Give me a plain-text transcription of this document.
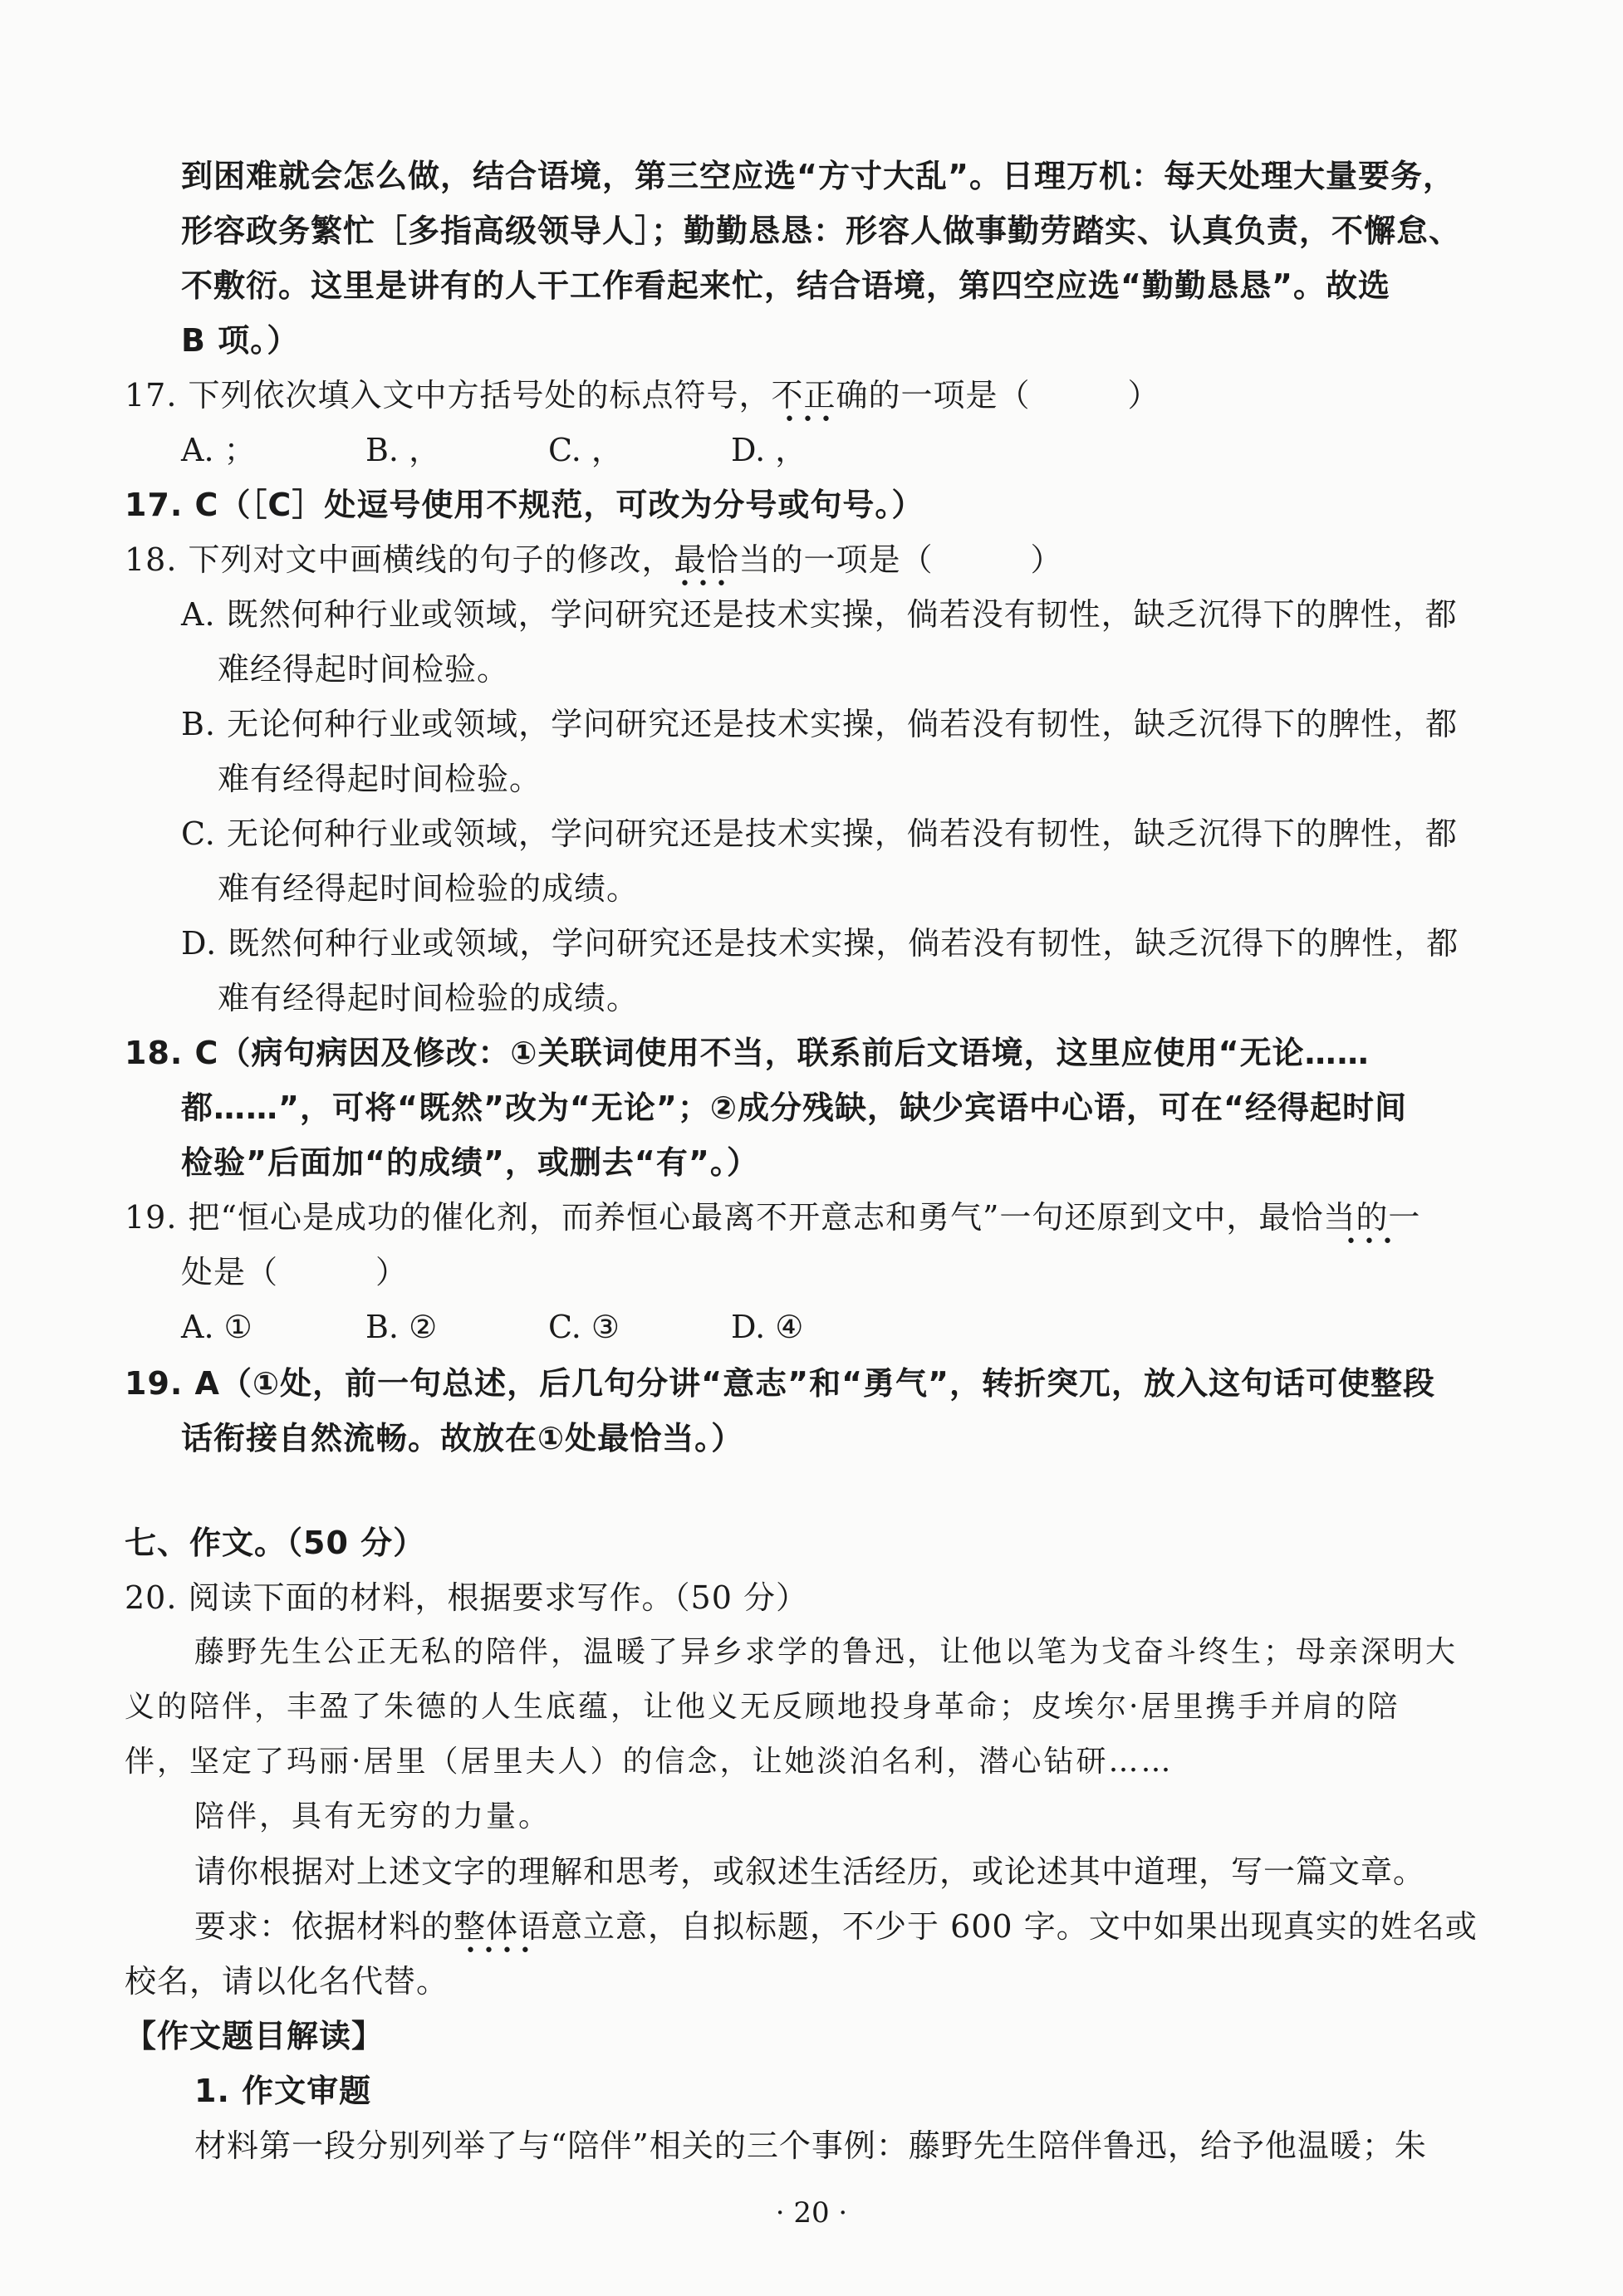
到困难就会怎么做，结合语境，第三空应选“方寸大乱”。日理万机：每天处理大量要务，
形容政务繁忙［多指高级领导人］；勤勤恳恳：形容人做事勤劳踏实、认真负责，不懈怠、
不敷衍。这里是讲有的人干工作看起来忙，结合语境，第四空应选“勤勤恳恳”。故选
B 项。）
17. 下列依次填入文中方括号处的标点符号，不正确的一项是（　　　）
• • •
A. ；	B. ，	C. ，	D. ，
17. C（［C］处逗号使用不规范，可改为分号或句号。）
18. 下列对文中画横线的句子的修改，最恰当的一项是（　　　）
• • •
A. 既然何种行业或领域，学问研究还是技术实操，倘若没有韧性，缺乏沉得下的脾性，都
难经得起时间检验。
B. 无论何种行业或领域，学问研究还是技术实操，倘若没有韧性，缺乏沉得下的脾性，都
难有经得起时间检验。
C. 无论何种行业或领域，学问研究还是技术实操，倘若没有韧性，缺乏沉得下的脾性，都
难有经得起时间检验的成绩。
D. 既然何种行业或领域，学问研究还是技术实操，倘若没有韧性，缺乏沉得下的脾性，都
难有经得起时间检验的成绩。
18. C（病句病因及修改：①关联词使用不当，联系前后文语境，这里应使用“无论……
都……”，可将“既然”改为“无论”；②成分残缺，缺少宾语中心语，可在“经得起时间
检验”后面加“的成绩”，或删去“有”。）
19. 把“恒心是成功的催化剂，而养恒心最离不开意志和勇气”一句还原到文中，最恰当的一
• • •
处是（　　　）
A. ①	B. ②	C. ③	D. ④
19. A（①处，前一句总述，后几句分讲“意志”和“勇气”，转折突兀，放入这句话可使整段
话衔接自然流畅。故放在①处最恰当。）
七、作文。（50 分）
20. 阅读下面的材料，根据要求写作。（50 分）
藤野先生公正无私的陪伴，温暖了异乡求学的鲁迅，让他以笔为戈奋斗终生；母亲深明大
义的陪伴，丰盈了朱德的人生底蕴，让他义无反顾地投身革命；皮埃尔·居里携手并肩的陪
伴，坚定了玛丽·居里（居里夫人）的信念，让她淡泊名利，潜心钻研……
陪伴，具有无穷的力量。
请你根据对上述文字的理解和思考，或叙述生活经历，或论述其中道理，写一篇文章。
要求：依据材料的整体语意立意，自拟标题，不少于 600 字。文中如果出现真实的姓名或
• • • •
校名，请以化名代替。
【作文题目解读】
1. 作文审题
材料第一段分别列举了与“陪伴”相关的三个事例：藤野先生陪伴鲁迅，给予他温暖；朱
· 20 ·
